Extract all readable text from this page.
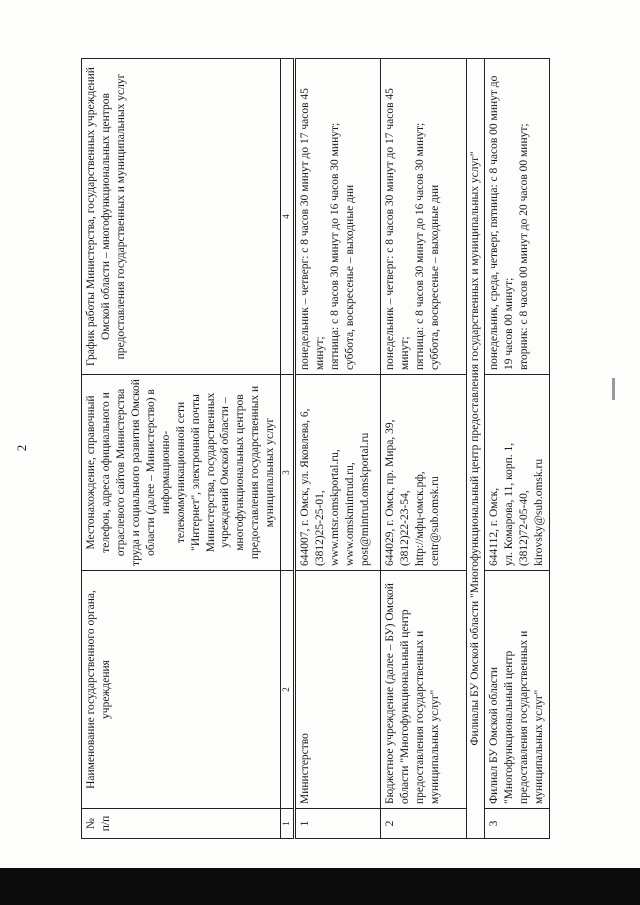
2
№ п/п	Наименование государственного органа, учреждения	Местонахождение, справочный телефон, адреса официального и отраслевого сайтов Министерства труда и социального развития Омской области (далее – Министерство) в информационно-телекоммуникационной сети "Интернет", электронной почты Министерства, государственных учреждений Омской области – многофункциональных центров предоставления государственных и муниципальных услуг	График работы Министерства, государственных учреждений Омской области – многофункциональных центров предоставления государственных и муниципальных услуг
1	2	3	4
1	Министерство	644007, г. Омск, ул. Яковлева, 6, (3812)25-25-01, www.mtsr.omskportal.ru, www.omskmintrud.ru, post@mintrud.omskportal.ru	понедельник – четверг: с 8 часов 30 минут до 17 часов 45 минут; пятница: с 8 часов 30 минут до 16 часов 30 минут; суббота, воскресенье – выходные дни

2	Бюджетное учреждение (далее – БУ) Омской области "Многофункциональный центр предоставления государственных и муниципальных услуг"	644029, г. Омск, пр. Мира, 39, (3812)22-23-54, http://мфц-омск.рф, centr@sub.omsk.ru	понедельник – четверг: с 8 часов 30 минут до 17 часов 45 минут; пятница: с 8 часов 30 минут до 16 часов 30 минут; суббота, воскресенье – выходные дни

Филиалы БУ Омской области "Многофункциональный центр предоставления государственных и муниципальных услуг"			
3	Филиал БУ Омской области "Многофункциональный центр предоставления государственных и муниципальных услуг"	644112, г. Омск, ул. Комарова, 11, корп. 1, (3812)72-05-40, kirovsky@sub.omsk.ru	понедельник, среда, четверг, пятница: с 8 часов 00 минут до 19 часов 00 минут; вторник: с 8 часов 00 минут до 20 часов 00 минут;
